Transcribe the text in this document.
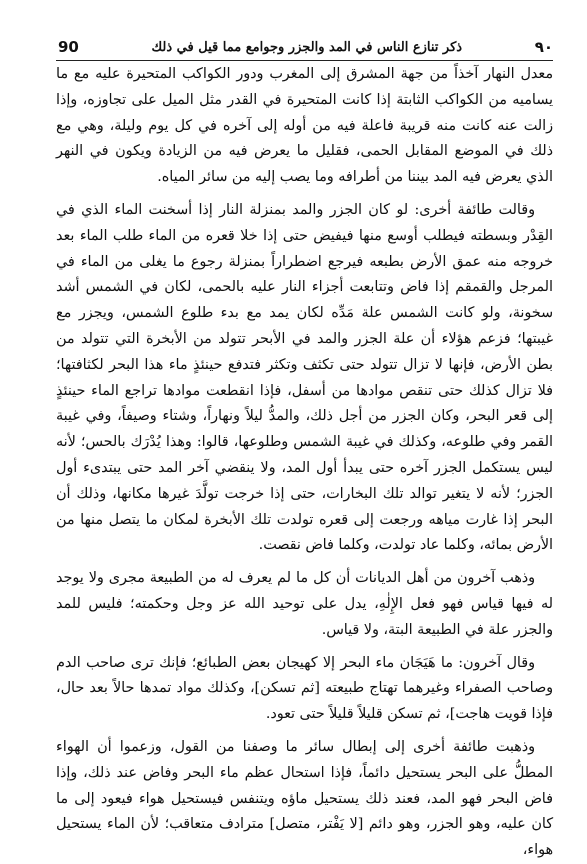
90	ذكر تنازع الناس في المد والجزر وجوامع مما قيل في ذلك	٩٠

معدل النهار آخذاً من جهة المشرق إلى المغرب ودور الكواكب المتحيرة عليه مع ما يساميه من الكواكب الثابتة إذا كانت المتحيرة في القدر مثل الميل على تجاوزه، وإذا زالت عنه كانت منه قريبة فاعلة فيه من أوله إلى آخره في كل يوم وليلة، وهي مع ذلك في الموضع المقابل الحمى، فقليل ما يعرض فيه من الزيادة ويكون في النهر الذي يعرض فيه المد بيننا من أطرافه وما يصب إليه من سائر المياه.

وقالت طائفة أخرى: لو كان الجزر والمد بمنزلة النار إذا أسخنت الماء الذي في القِدْر وبسطته فيطلب أوسع منها فيفيض حتى إذا خلا قعره من الماء طلب الماء بعد خروجه منه عمق الأرض بطبعه فيرجع اضطراراً بمنزلة رجوع ما يغلى من الماء في المرجل والقمقم إذا فاض وتتابعت أجزاء النار عليه بالحمى، لكان في الشمس أشد سخونة، ولو كانت الشمس علة مَدِّه لكان يمد مع بدء طلوع الشمس، ويجزر مع غيبتها؛ فزعم هؤلاء أن علة الجزر والمد في الأبحر تتولد من الأبخرة التي تتولد من بطن الأرض، فإنها لا تزال تتولد حتى تكثف وتكثر فتدفع حينئذٍ ماء هذا البحر لكثافتها؛ فلا تزال كذلك حتى تنقص موادها من أسفل، فإذا انقطعت موادها تراجع الماء حينئذٍ إلى قعر البحر، وكان الجزر من أجل ذلك، والمدُّ ليلاً ونهاراً، وشتاء وصيفاً، وفي غيبة القمر وفي طلوعه، وكذلك في غيبة الشمس وطلوعها، قالوا: وهذا يُدْرَك بالحس؛ لأنه ليس يستكمل الجزر آخره حتى يبدأ أول المد، ولا ينقضي آخر المد حتى يبتدىء أول الجزر؛ لأنه لا يتغير توالد تلك البخارات، حتى إذا خرجت تولَّدَ غيرها مكانها، وذلك أن البحر إذا غارت مياهه ورجعت إلى قعره تولدت تلك الأبخرة لمكان ما يتصل منها من الأرض بمائه، وكلما عاد تولدت، وكلما فاض نقصت.

وذهب آخرون من أهل الديانات أن كل ما لم يعرف له من الطبيعة مجرى ولا يوجد له فيها قياس فهو فعل الإِلٰهِ، يدل على توحيد الله عز وجل وحكمته؛ فليس للمد والجزر علة في الطبيعة البتة، ولا قياس.

وقال آخرون: ما هَيَجَان ماء البحر إلا كهيجان بعض الطبائع؛ فإنك ترى صاحب الدم وصاحب الصفراء وغيرهما تهتاج طبيعته [ثم تسكن]، وكذلك مواد تمدها حالاً بعد حال، فإذا قويت هاجت]، ثم تسكن قليلاً قليلاً حتى تعود.

وذهبت طائفة أخرى إلى إبطال سائر ما وصفنا من القول، وزعموا أن الهواء المطلُّ على البحر يستحيل دائماً، فإذا استحال عظم ماء البحر وفاض عند ذلك، وإذا فاض البحر فهو المد، فعند ذلك يستحيل ماؤه ويتنفس فيستحيل هواء فيعود إلى ما كان عليه، وهو الجزر، وهو دائم [لا يَفْتر، متصل] مترادف متعاقب؛ لأن الماء يستحيل هواء،
